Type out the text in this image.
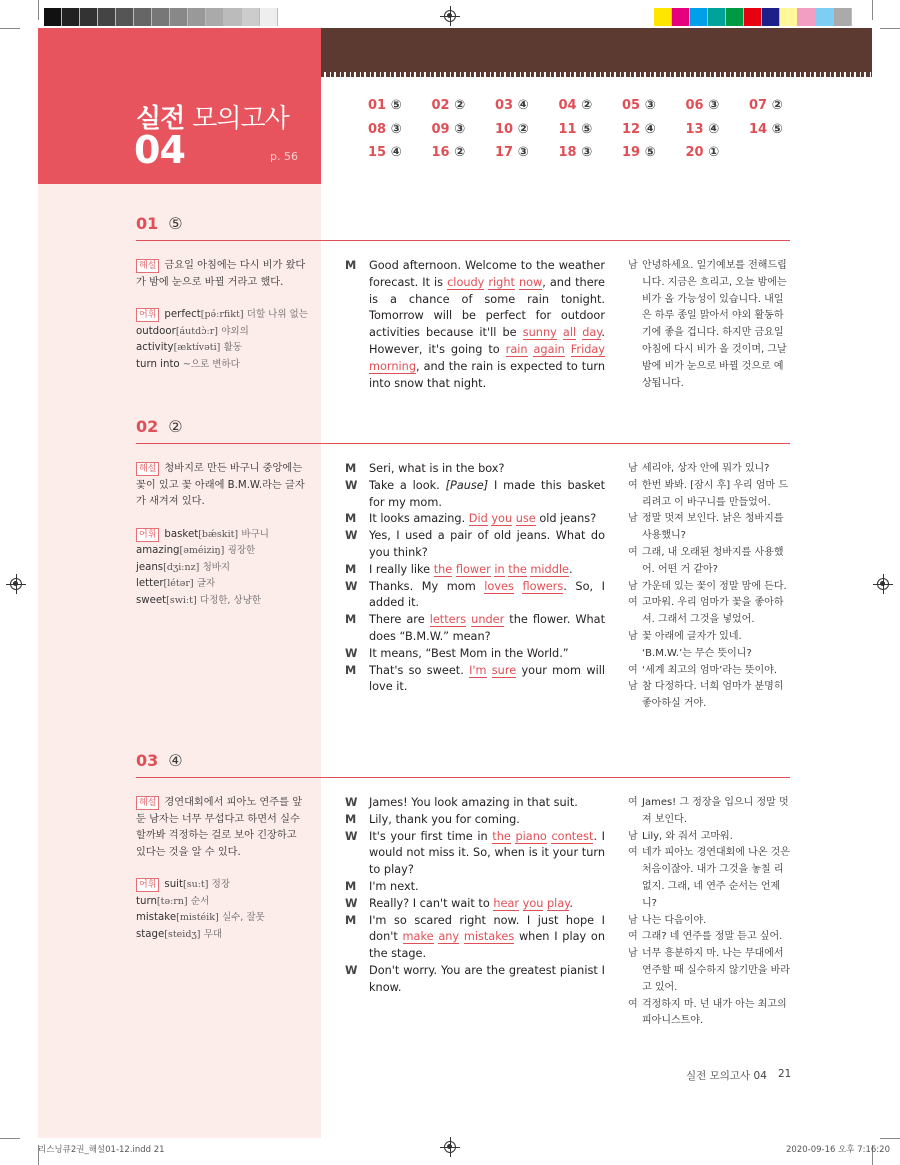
실전 모의고사
04	p. 56
01 ⑤ 02 ② 03 ④ 04 ② 05 ③ 06 ③ 07 ②
08 ③ 09 ③ 10 ② 11 ⑤ 12 ④ 13 ④ 14 ⑤
15 ④ 16 ② 17 ③ 18 ③ 19 ⑤ 20 ①
01 ⑤
해설 금요일 아침에는 다시 비가 왔다가 밤에 눈으로 바뀔 거라고 했다.
어휘 perfect[pə́ːrfikt] 더할 나위 없는
outdoor[áutdɔ̀ːr] 야외의
activity[æktívəti] 활동
turn into ~으로 변하다

M	Good afternoon. Welcome to the weather forecast. It is cloudy right now, and there is a chance of some rain tonight. Tomorrow will be perfect for outdoor activities because it'll be sunny all day. However, it's going to rain again Friday morning, and the rain is expected to turn into snow that night.
남 안녕하세요. 일기예보를 전해드립니다. 지금은 흐리고, 오늘 밤에는 비가 올 가능성이 있습니다. 내일은 하루 종일 맑아서 야외 활동하기에 좋을 겁니다. 하지만 금요일 아침에 다시 비가 올 것이며, 그날 밤에 비가 눈으로 바뀔 것으로 예상됩니다.
02 ②
해설 청바지로 만든 바구니 중앙에는 꽃이 있고 꽃 아래에 B.M.W.라는 글자가 새겨져 있다.
어휘 basket[bǽskit] 바구니
amazing[əméiziŋ] 굉장한
jeans[dʒiːnz] 청바지
letter[létər] 글자
sweet[swiːt] 다정한, 상냥한

M	Seri, what is in the box?
W	Take a look. [Pause] I made this basket for my mom.
M	It looks amazing. Did you use old jeans?
W	Yes, I used a pair of old jeans. What do you think?
M	I really like the flower in the middle.
W	Thanks. My mom loves flowers. So, I added it.
M	There are letters under the flower. What does “B.M.W.” mean?
W	It means, “Best Mom in the World.”
M	That's so sweet. I'm sure your mom will love it.
남 세리야, 상자 안에 뭐가 있니?
여 한번 봐봐. [잠시 후] 우리 엄마 드리려고 이 바구니를 만들었어.
남 정말 멋져 보인다. 낡은 청바지를 사용했니?
여 그래, 내 오래된 청바지를 사용했어. 어떤 거 같아?
남 가운데 있는 꽃이 정말 맘에 든다.
여 고마워. 우리 엄마가 꽃을 좋아하셔. 그래서 그것을 넣었어.
남 꽃 아래에 글자가 있네. ‘B.M.W.’는 무슨 뜻이니?
여 ‘세계 최고의 엄마’라는 뜻이야.
남 참 다정하다. 너희 엄마가 분명히 좋아하실 거야.
03 ④
해설 경연대회에서 피아노 연주를 앞둔 남자는 너무 무섭다고 하면서 실수할까봐 걱정하는 걸로 보아 긴장하고 있다는 것을 알 수 있다.
어휘 suit[suːt] 정장
turn[təːrn] 순서
mistake[mistéik] 실수, 잘못
stage[steidʒ] 무대

W	James! You look amazing in that suit.
M	Lily, thank you for coming.
W	It's your first time in the piano contest. I would not miss it. So, when is it your turn to play?
M	I'm next.
W	Really? I can't wait to hear you play.
M	I'm so scared right now. I just hope I don't make any mistakes when I play on the stage.
W	Don't worry. You are the greatest pianist I know.
여 James! 그 정장을 입으니 정말 멋져 보인다.
남 Lily, 와 줘서 고마워.
여 네가 피아노 경연대회에 나온 것은 처음이잖아. 내가 그것을 놓칠 리 없지. 그래, 네 연주 순서는 언제니?
남 나는 다음이야.
여 그래? 네 연주를 정말 듣고 싶어.
남 너무 흥분하지 마. 나는 무대에서 연주할 때 실수하지 않기만을 바라고 있어.
여 걱정하지 마. 넌 내가 아는 최고의 피아니스트야.
실전 모의고사 04 21
리스닝큐2권_해설01-12.indd 21	2020-09-16 오후 7:16:20
